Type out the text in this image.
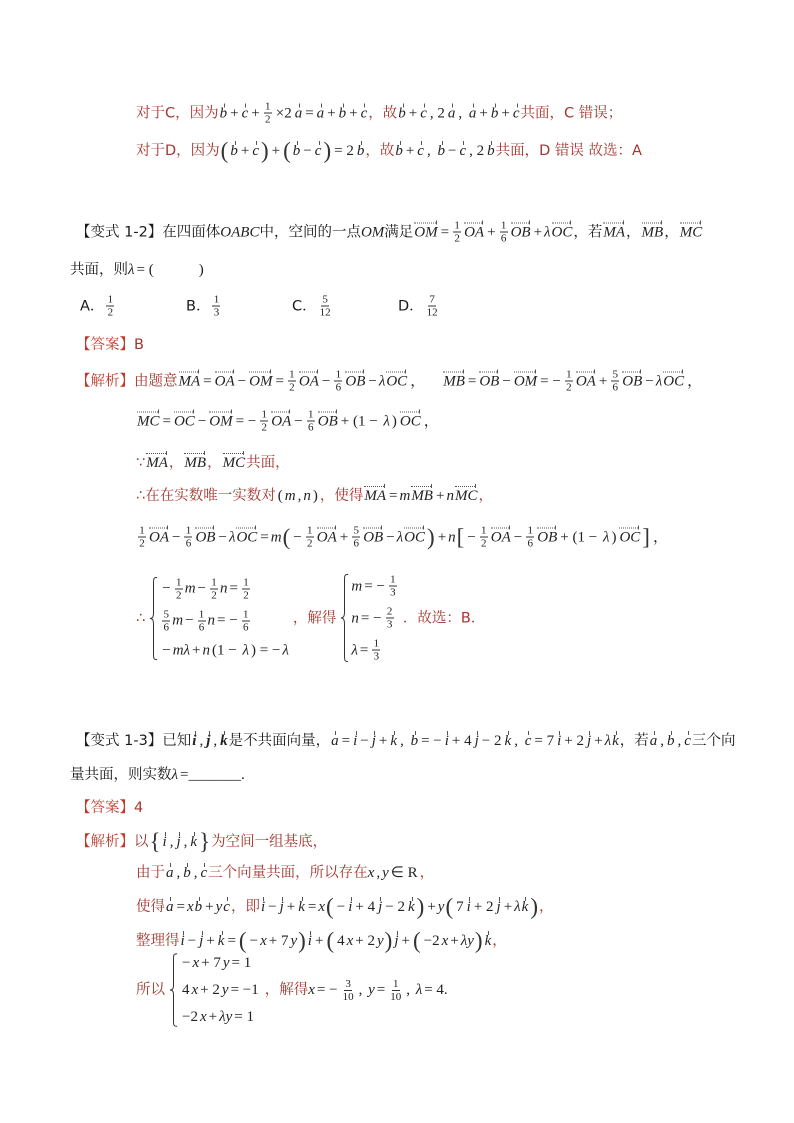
对于C，因为 $b + c + \frac{1}{2} \times 2$ a = a + b + c ，故 b + c , 2 a , a + b + c 共面，C 错误；
对于D，因为 ( b + c ) + ( b − c ) = 2 b ，故 b + c , b − c , 2 b 共面，D 错误 故选：A
【变式 1-2】在四面体 OABC 中，空间的一点 OM 满足 OM = $\frac{1}{2}$ OA + $\frac{1}{6}$ OB + λ OC ，若 MA ， MB ， MC
共面，则 λ = (            )
A． $\frac{1}{2}$	B． $\frac{1}{3}$	C． $\frac{5}{12}$	D． $\frac{7}{12}$
【答案】 B
【解析】 由题意 MA = OA − OM = $\frac{1}{2}$ OA − $\frac{1}{6}$ OB − λ OC ， MB = OB − OM = − $\frac{1}{2}$ OA + $\frac{5}{6}$ OB − λ OC ，
MC = OC − OM = − $\frac{1}{2}$ OA − $\frac{1}{6}$ OB + (1 − λ ) OC ，
∵ MA ， MB ， MC 共面，
∴在在实数唯一实数对 ( m , n ) ，使得 MA = m MB + n MC ，
$\frac{1}{2}$ OA − $\frac{1}{6}$ OB − λ OC = m ( − $\frac{1}{2}$ OA + $\frac{5}{6}$ OB − λ OC ) + n [ − $\frac{1}{2}$ OA − $\frac{1}{6}$ OB + (1 − λ ) OC ] ，
∴
− $\frac{1}{2}$ $m - \frac{1}{2}$ $n = \frac{1}{2}$
$\frac{5}{6}$ $m - \frac{1}{6}$ n = − $\frac{1}{6}$
− mλ + n (1 − λ ) = − λ
，解得
m = − $\frac{1}{3}$
n = − $\frac{2}{3}$
$\lambda = \frac{1}{3}$
．故选：B．
【变式 1-3】已知 i , j , k 是不共面向量， a = i − j + k , b = − i + 4 j − 2 k , c = 7 i + 2 j + λ k ，若 a , b , c 三个向
量共面，则实数 λ =_______.
【答案】 4
【解析】 以 { i , j , k } 为空间一组基底，
由于 a , b , c 三个向量共面，所以存在 x , y ∈ R ，
使得 a = x b + y c ，即 i − j + k = x ( − i + 4 j − 2 k ) + y ( 7 i + 2 j + λ k ) ，
整理得 i − j + k = ( − x + 7 y ) i + ( 4 x + 2 y ) j + ( −2 x + λy ) k ，
所以
− x + 7 y = 1
4 x + 2 y = −1
−2 x + λy = 1
，解得 x = − $\frac{3}{10}$ , $y = \frac{1}{10}$ , λ = 4.
